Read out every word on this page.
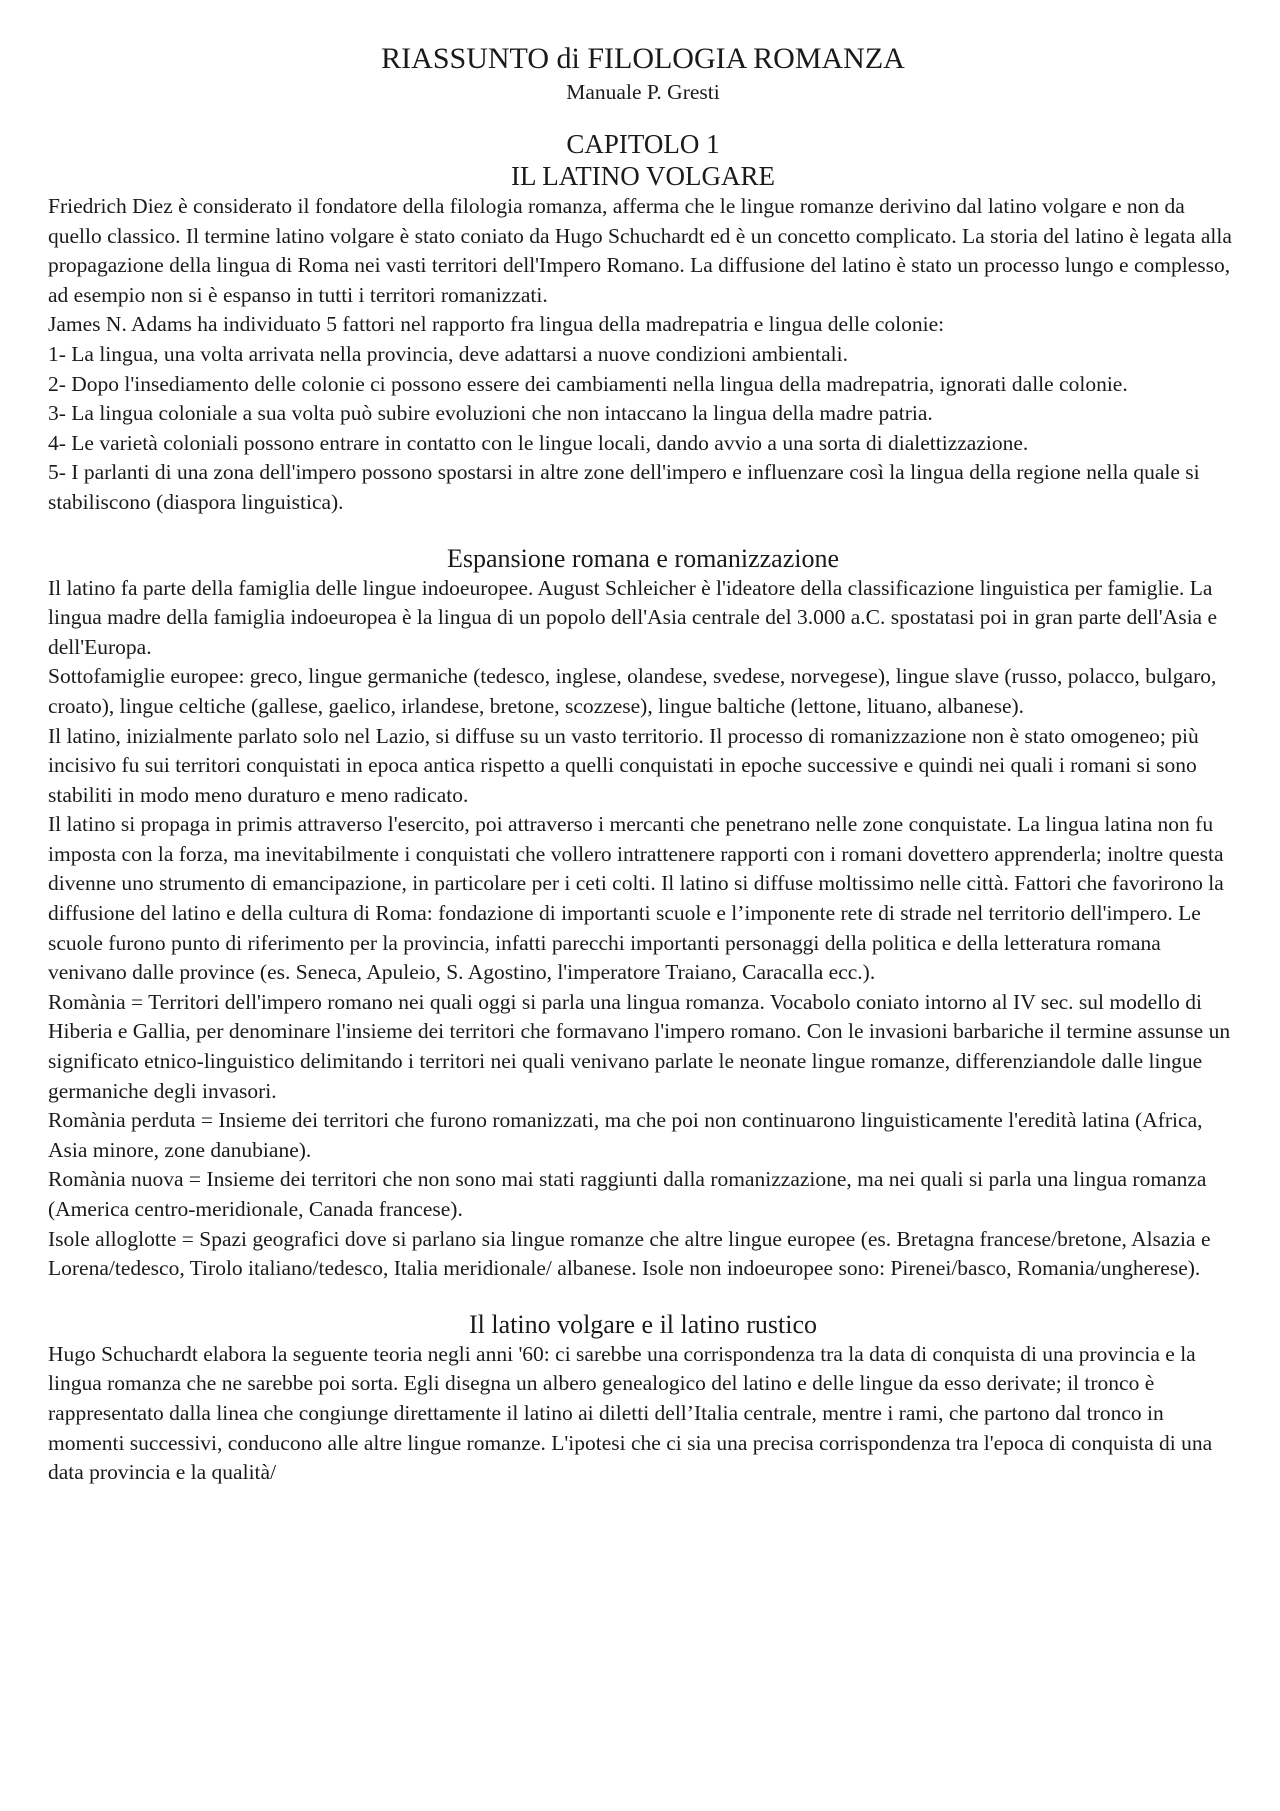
RIASSUNTO di FILOLOGIA ROMANZA
Manuale P. Gresti
CAPITOLO 1
IL LATINO VOLGARE

Friedrich Diez è considerato il fondatore della filologia romanza, afferma che le lingue romanze derivino dal latino volgare e non da quello classico. Il termine latino volgare è stato coniato da Hugo Schuchardt ed è un concetto complicato. La storia del latino è legata alla propagazione della lingua di Roma nei vasti territori dell'Impero Romano. La diffusione del latino è stato un processo lungo e complesso, ad esempio non si è espanso in tutti i territori romanizzati.

James N. Adams ha individuato 5 fattori nel rapporto fra lingua della madrepatria e lingua delle colonie:

1- La lingua, una volta arrivata nella provincia, deve adattarsi a nuove condizioni ambientali.

2- Dopo l'insediamento delle colonie ci possono essere dei cambiamenti nella lingua della madrepatria, ignorati dalle colonie.

3- La lingua coloniale a sua volta può subire evoluzioni che non intaccano la lingua della madre patria.

4- Le varietà coloniali possono entrare in contatto con le lingue locali, dando avvio a una sorta di dialettizzazione.

5- I parlanti di una zona dell'impero possono spostarsi in altre zone dell'impero e influenzare così la lingua della regione nella quale si stabiliscono (diaspora linguistica).

Espansione romana e romanizzazione

Il latino fa parte della famiglia delle lingue indoeuropee. August Schleicher è l'ideatore della classificazione linguistica per famiglie. La lingua madre della famiglia indoeuropea è la lingua di un popolo dell'Asia centrale del 3.000 a.C. spostatasi poi in gran parte dell'Asia e dell'Europa.

Sottofamiglie europee: greco, lingue germaniche (tedesco, inglese, olandese, svedese, norvegese), lingue slave (russo, polacco, bulgaro, croato), lingue celtiche (gallese, gaelico, irlandese, bretone, scozzese), lingue baltiche (lettone, lituano, albanese).

Il latino, inizialmente parlato solo nel Lazio, si diffuse su un vasto territorio. Il processo di romanizzazione non è stato omogeneo; più incisivo fu sui territori conquistati in epoca antica rispetto a quelli conquistati in epoche successive e quindi nei quali i romani si sono stabiliti in modo meno duraturo e meno radicato.

Il latino si propaga in primis attraverso l'esercito, poi attraverso i mercanti che penetrano nelle zone conquistate. La lingua latina non fu imposta con la forza, ma inevitabilmente i conquistati che vollero intrattenere rapporti con i romani dovettero apprenderla; inoltre questa divenne uno strumento di emancipazione, in particolare per i ceti colti. Il latino si diffuse moltissimo nelle città. Fattori che favorirono la diffusione del latino e della cultura di Roma: fondazione di importanti scuole e l’imponente rete di strade nel territorio dell'impero. Le scuole furono punto di riferimento per la provincia, infatti parecchi importanti personaggi della politica e della letteratura romana venivano dalle province (es. Seneca, Apuleio, S. Agostino, l'imperatore Traiano, Caracalla ecc.).

Romània = Territori dell'impero romano nei quali oggi si parla una lingua romanza. Vocabolo coniato intorno al IV sec. sul modello di Hiberia e Gallia, per denominare l'insieme dei territori che formavano l'impero romano. Con le invasioni barbariche il termine assunse un significato etnico-linguistico delimitando i territori nei quali venivano parlate le neonate lingue romanze, differenziandole dalle lingue germaniche degli invasori.

Romània perduta = Insieme dei territori che furono romanizzati, ma che poi non continuarono linguisticamente l'eredità latina (Africa, Asia minore, zone danubiane).

Romània nuova = Insieme dei territori che non sono mai stati raggiunti dalla romanizzazione, ma nei quali si parla una lingua romanza (America centro-meridionale, Canada francese).

Isole alloglotte = Spazi geografici dove si parlano sia lingue romanze che altre lingue europee (es. Bretagna francese/bretone, Alsazia e Lorena/tedesco, Tirolo italiano/tedesco, Italia meridionale/ albanese. Isole non indoeuropee sono: Pirenei/basco, Romania/ungherese).

Il latino volgare e il latino rustico

Hugo Schuchardt elabora la seguente teoria negli anni '60: ci sarebbe una corrispondenza tra la data di conquista di una provincia e la lingua romanza che ne sarebbe poi sorta. Egli disegna un albero genealogico del latino e delle lingue da esso derivate; il tronco è rappresentato dalla linea che congiunge direttamente il latino ai diletti dell’Italia centrale, mentre i rami, che partono dal tronco in momenti successivi, conducono alle altre lingue romanze. L'ipotesi che ci sia una precisa corrispondenza tra l'epoca di conquista di una data provincia e la qualità/
